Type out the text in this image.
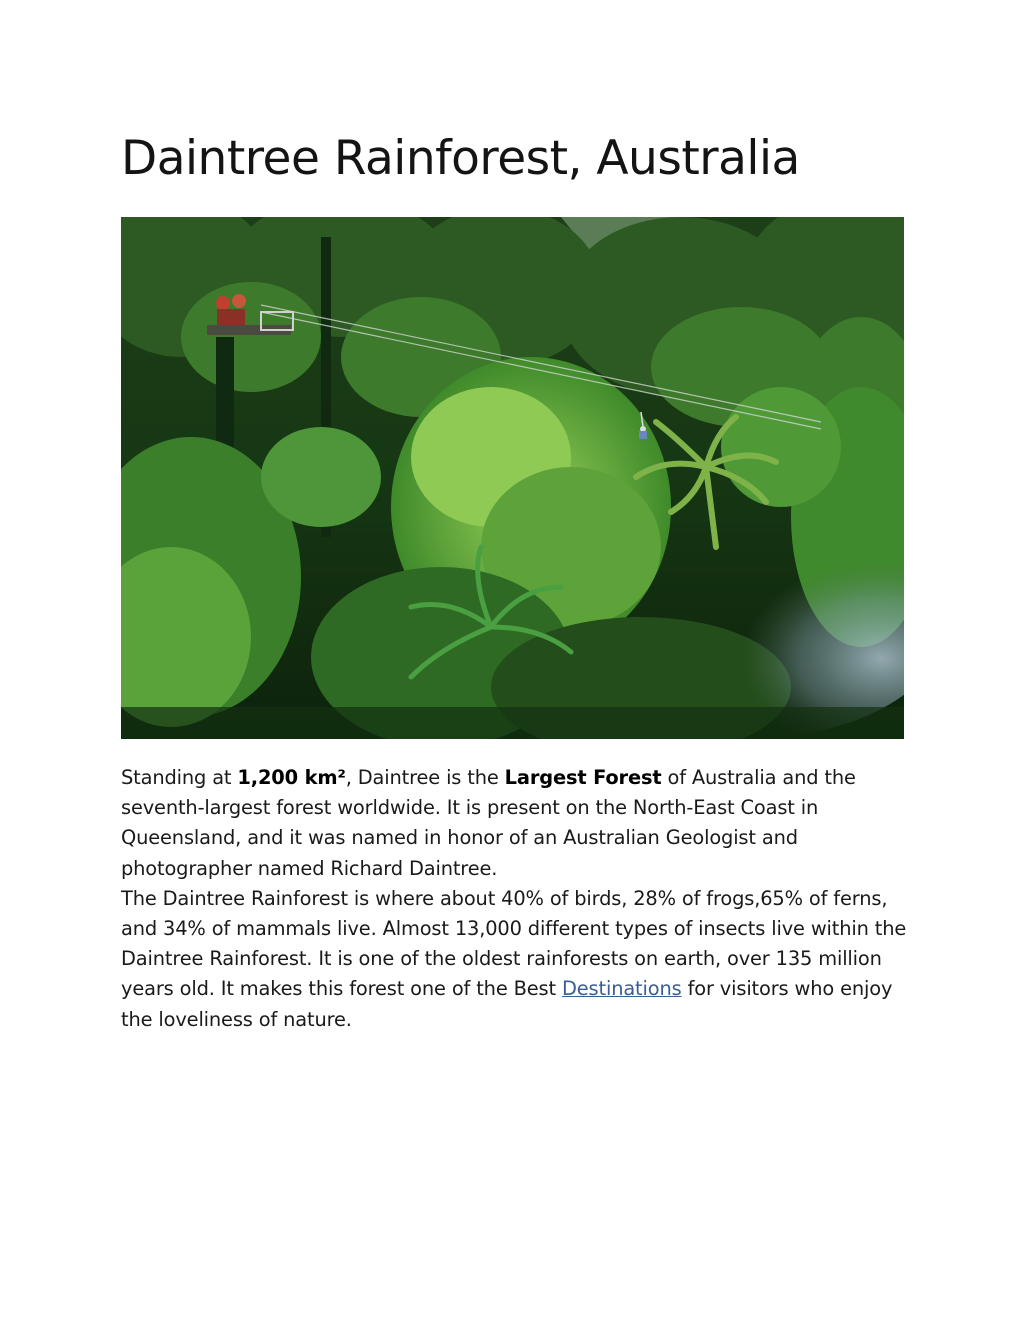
Daintree Rainforest, Australia

Standing at 1,200 km², Daintree is the Largest Forest of Australia and the seventh-largest forest worldwide. It is present on the North-East Coast in Queensland, and it was named in honor of an Australian Geologist and photographer named Richard Daintree.

The Daintree Rainforest is where about 40% of birds, 28% of frogs,65% of ferns, and 34% of mammals live. Almost 13,000 different types of insects live within the Daintree Rainforest. It is one of the oldest rainforests on earth, over 135 million years old. It makes this forest one of the Best Destinations for visitors who enjoy the loveliness of nature.
